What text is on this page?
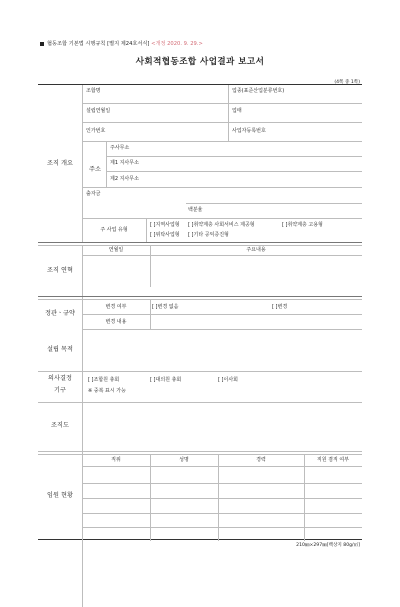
협동조합 기본법 시행규칙 [별지 제24호서식] <개정 2020. 9. 29.>
사회적협동조합 사업결과 보고서
(4쪽 중 1쪽)
조직 개요
조합명	업종(표준산업분류번호)
설립연월일	업태
인가번호	사업자등록번호
주소
주사무소
제1 지사무소
제2 지사무소
출자금
백분율
주 사업 유형
[ ]지역사업형 [ ]취약계층 사회서비스 제공형	[ ]취약계층 고용형
[ ]위탁사업형 [ ]기타 공익증진형
조직 연혁
연월일	주요내용
정관ㆍ규약
변경 여부	[ ]변경 없음	[ ]변경
변경 내용
설립 목적
의사결정
기구
[ ]조합원 총회	[ ]대의원 총회	[ ]이사회
※ 중복 표시 가능
조직도
임원 현황
직위	성명	경력	직원 겸직 여부
210㎜×297㎜[백상지 80g/㎡]
